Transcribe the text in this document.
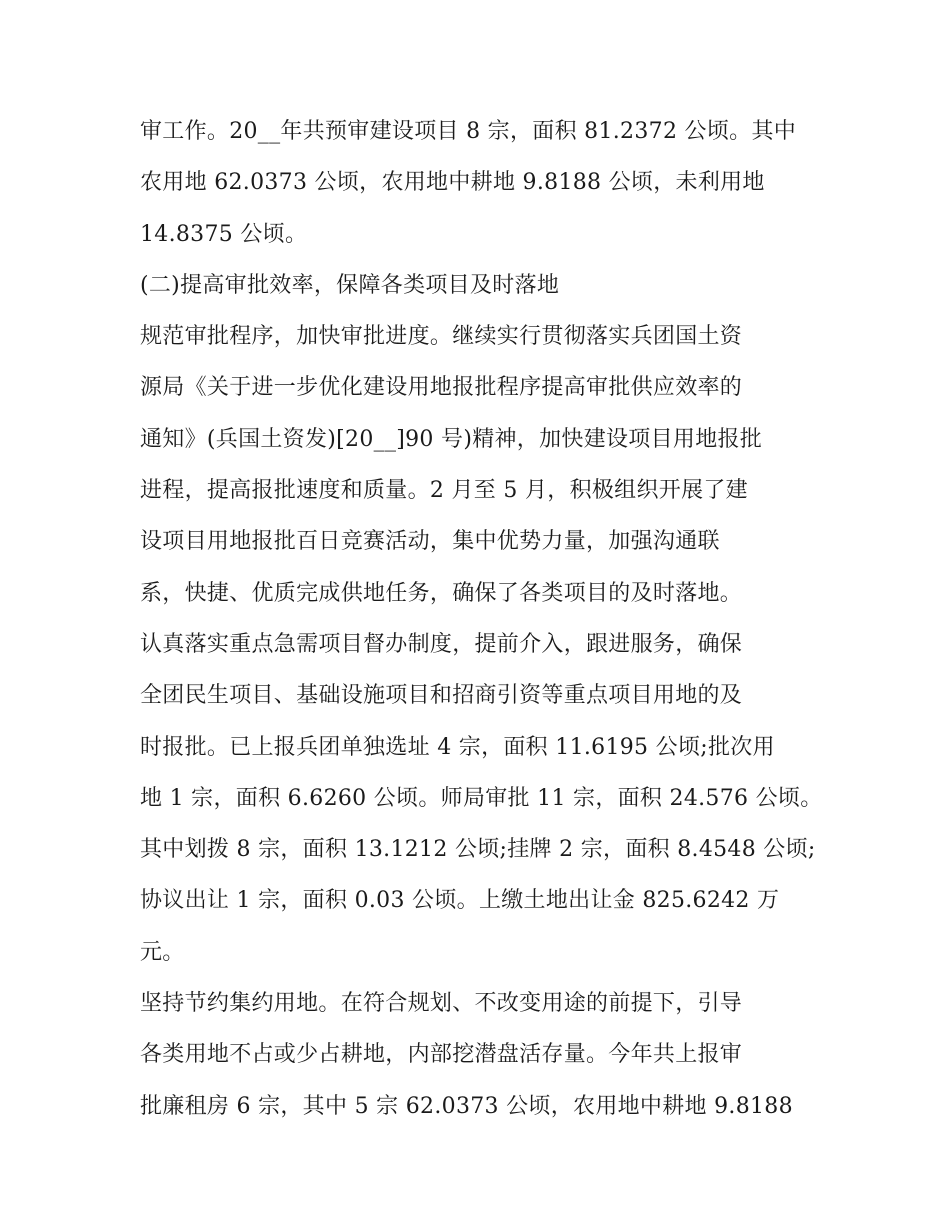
审工作。20__年共预审建设项目 8 宗，面积 81.2372 公顷。其中
农用地 62.0373 公顷，农用地中耕地 9.8188 公顷，未利用地
14.8375 公顷。
(二)提高审批效率，保障各类项目及时落地
规范审批程序，加快审批进度。继续实行贯彻落实兵团国土资
源局《关于进一步优化建设用地报批程序提高审批供应效率的
通知》(兵国土资发)[20__]90 号)精神，加快建设项目用地报批
进程，提高报批速度和质量。2 月至 5 月，积极组织开展了建
设项目用地报批百日竞赛活动，集中优势力量，加强沟通联
系，快捷、优质完成供地任务，确保了各类项目的及时落地。
认真落实重点急需项目督办制度，提前介入，跟进服务，确保
全团民生项目、基础设施项目和招商引资等重点项目用地的及
时报批。已上报兵团单独选址 4 宗，面积 11.6195 公顷;批次用
地 1 宗，面积 6.6260 公顷。师局审批 11 宗，面积 24.576 公顷。
其中划拨 8 宗，面积 13.1212 公顷;挂牌 2 宗，面积 8.4548 公顷;
协议出让 1 宗，面积 0.03 公顷。上缴土地出让金 825.6242 万
元。
坚持节约集约用地。在符合规划、不改变用途的前提下，引导
各类用地不占或少占耕地，内部挖潜盘活存量。今年共上报审
批廉租房 6 宗，其中 5 宗 62.0373 公顷，农用地中耕地 9.8188
